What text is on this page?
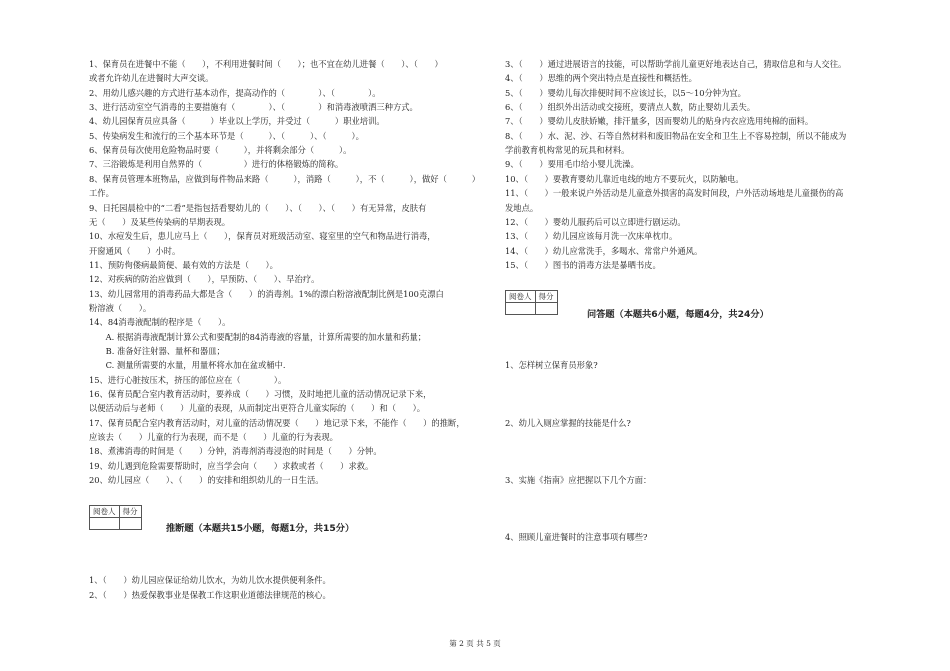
1、保育员在进餐中不能（　　），不利用进餐时间（　　）；也不宜在幼儿进餐（　　）、（　　）
或者允许幼儿在进餐时大声交谈。
2、用幼儿感兴趣的方式进行基本动作，提高动作的（　　　　）、（　　　　）。
3、进行活动室空气消毒的主要措施有（　　　　）、（　　　　）和消毒液喷洒三种方式。
4、幼儿园保育员应具备（　　　）毕业以上学历，并受过（　　　）职业培训。
5、传染病发生和流行的三个基本环节是（　　　）、（　　　）、（　　　）。
6、保育员每次使用危险物品时要（　　　），并将剩余部分（　　　）。
7、三浴锻炼是利用自然界的（　　　　　）进行的体格锻炼的简称。
8、保育员管理本班物品，应做到每件物品来路（　　　），消路（　　　），不（　　　），做好（　　　）
工作。
9、日托园晨检中的“二看”是指包括看婴幼儿的（　　）、（　　）、（　　）有无异常，皮肤有
无（　　）及某些传染病的早期表现。
10、水痘发生后，患儿应马上（　　），保育员对班级活动室、寝室里的空气和物品进行消毒，
开窗通风（　　）小时。
11、预防佝偻病最简便、最有效的方法是（　　）。
12、对疾病的防治应做到（　　），早预防、（　　）、早治疗。
13、幼儿园常用的消毒药品大都是含（　　）的消毒剂。1%的漂白粉溶液配制比例是100克漂白
粉溶液（　　）。
14、84消毒液配制的程序是（　　）。
　　A. 根据消毒液配制计算公式和要配制的84消毒液的容量，计算所需要的加水量和药量；
　　B. 准备好注射器、量杯和器皿；
　　C. 测量所需要的水量，用量杯将水加在盆或桶中.
15、进行心脏按压术，挤压的部位应在（　　　　）。
16、保育员配合室内教育活动时，要养成（　　）习惯，及时地把儿童的活动情况记录下来，
以便活动后与老师（　　）儿童的表现，从而制定出更符合儿童实际的（　　）和（　　）。
17、保育员配合室内教育活动时，对儿童的活动情况要（　　）地记录下来，不能作（　　）的推断，
应该去（　　）儿童的行为表现，而不是（　　）儿童的行为表现。
18、煮沸消毒的时间是（　　）分钟，消毒剂消毒浸泡的时间是（　　）分钟。
19、幼儿遇到危险需要帮助时，应当学会向（　　）求救或者（　　）求救。
20、幼儿园应（　　）、（　　）的安排和组织幼儿的一日生活。
阅卷人	得分

推断题（本题共15小题，每题1分，共15分）
1、（　　）幼儿园应保证给幼儿饮水，为幼儿饮水提供便利条件。
2、（　　）热爱保教事业是保教工作这职业道德法律规范的核心。
3、（　　）通过进展语言的技能，可以帮助学前儿童更好地表达自己，猜取信息和与人交往。
4、（　　）思维的两个突出特点是直接性和概括性。
5、（　　）婴幼儿每次排便时间不应该过长，以5～10分钟为宜。
6、（　　）组织外出活动或交接班，要清点人数，防止婴幼儿丢失。
7、（　　）婴幼儿皮肤娇嫩，排汗量多，因而婴幼儿的贴身内衣应选用纯棉的面料。
8、（　　）水、泥、沙、石等自然材料和废旧物品在安全和卫生上不容易控制，所以不能成为
学前教育机构常见的玩具和材料。
9、（　　）要用毛巾给小婴儿洗澡。
10、（　　）要教育婴幼儿靠近电线的地方不要玩火，以防触电。
11、（　　）一般来说户外活动是儿童意外损害的高发时间段，户外活动场地是儿童摄伤的高
发地点。
12、（　　）婴幼儿服药后可以立即进行剧运动。
13、（　　）幼儿园应该每月洗一次床单枕巾。
14、（　　）幼儿应常洗手，多喝水、常常户外通风。
15、（　　）图书的消毒方法是暴晒书皮。
阅卷人	得分

问答题（本题共6小题，每题4分，共24分）
1、怎样树立保育员形象?
2、幼儿入厕应掌握的技能是什么?
3、实施《指南》应把握以下几个方面：
4、照顾儿童进餐时的注意事项有哪些?
第 2 页 共 5 页
